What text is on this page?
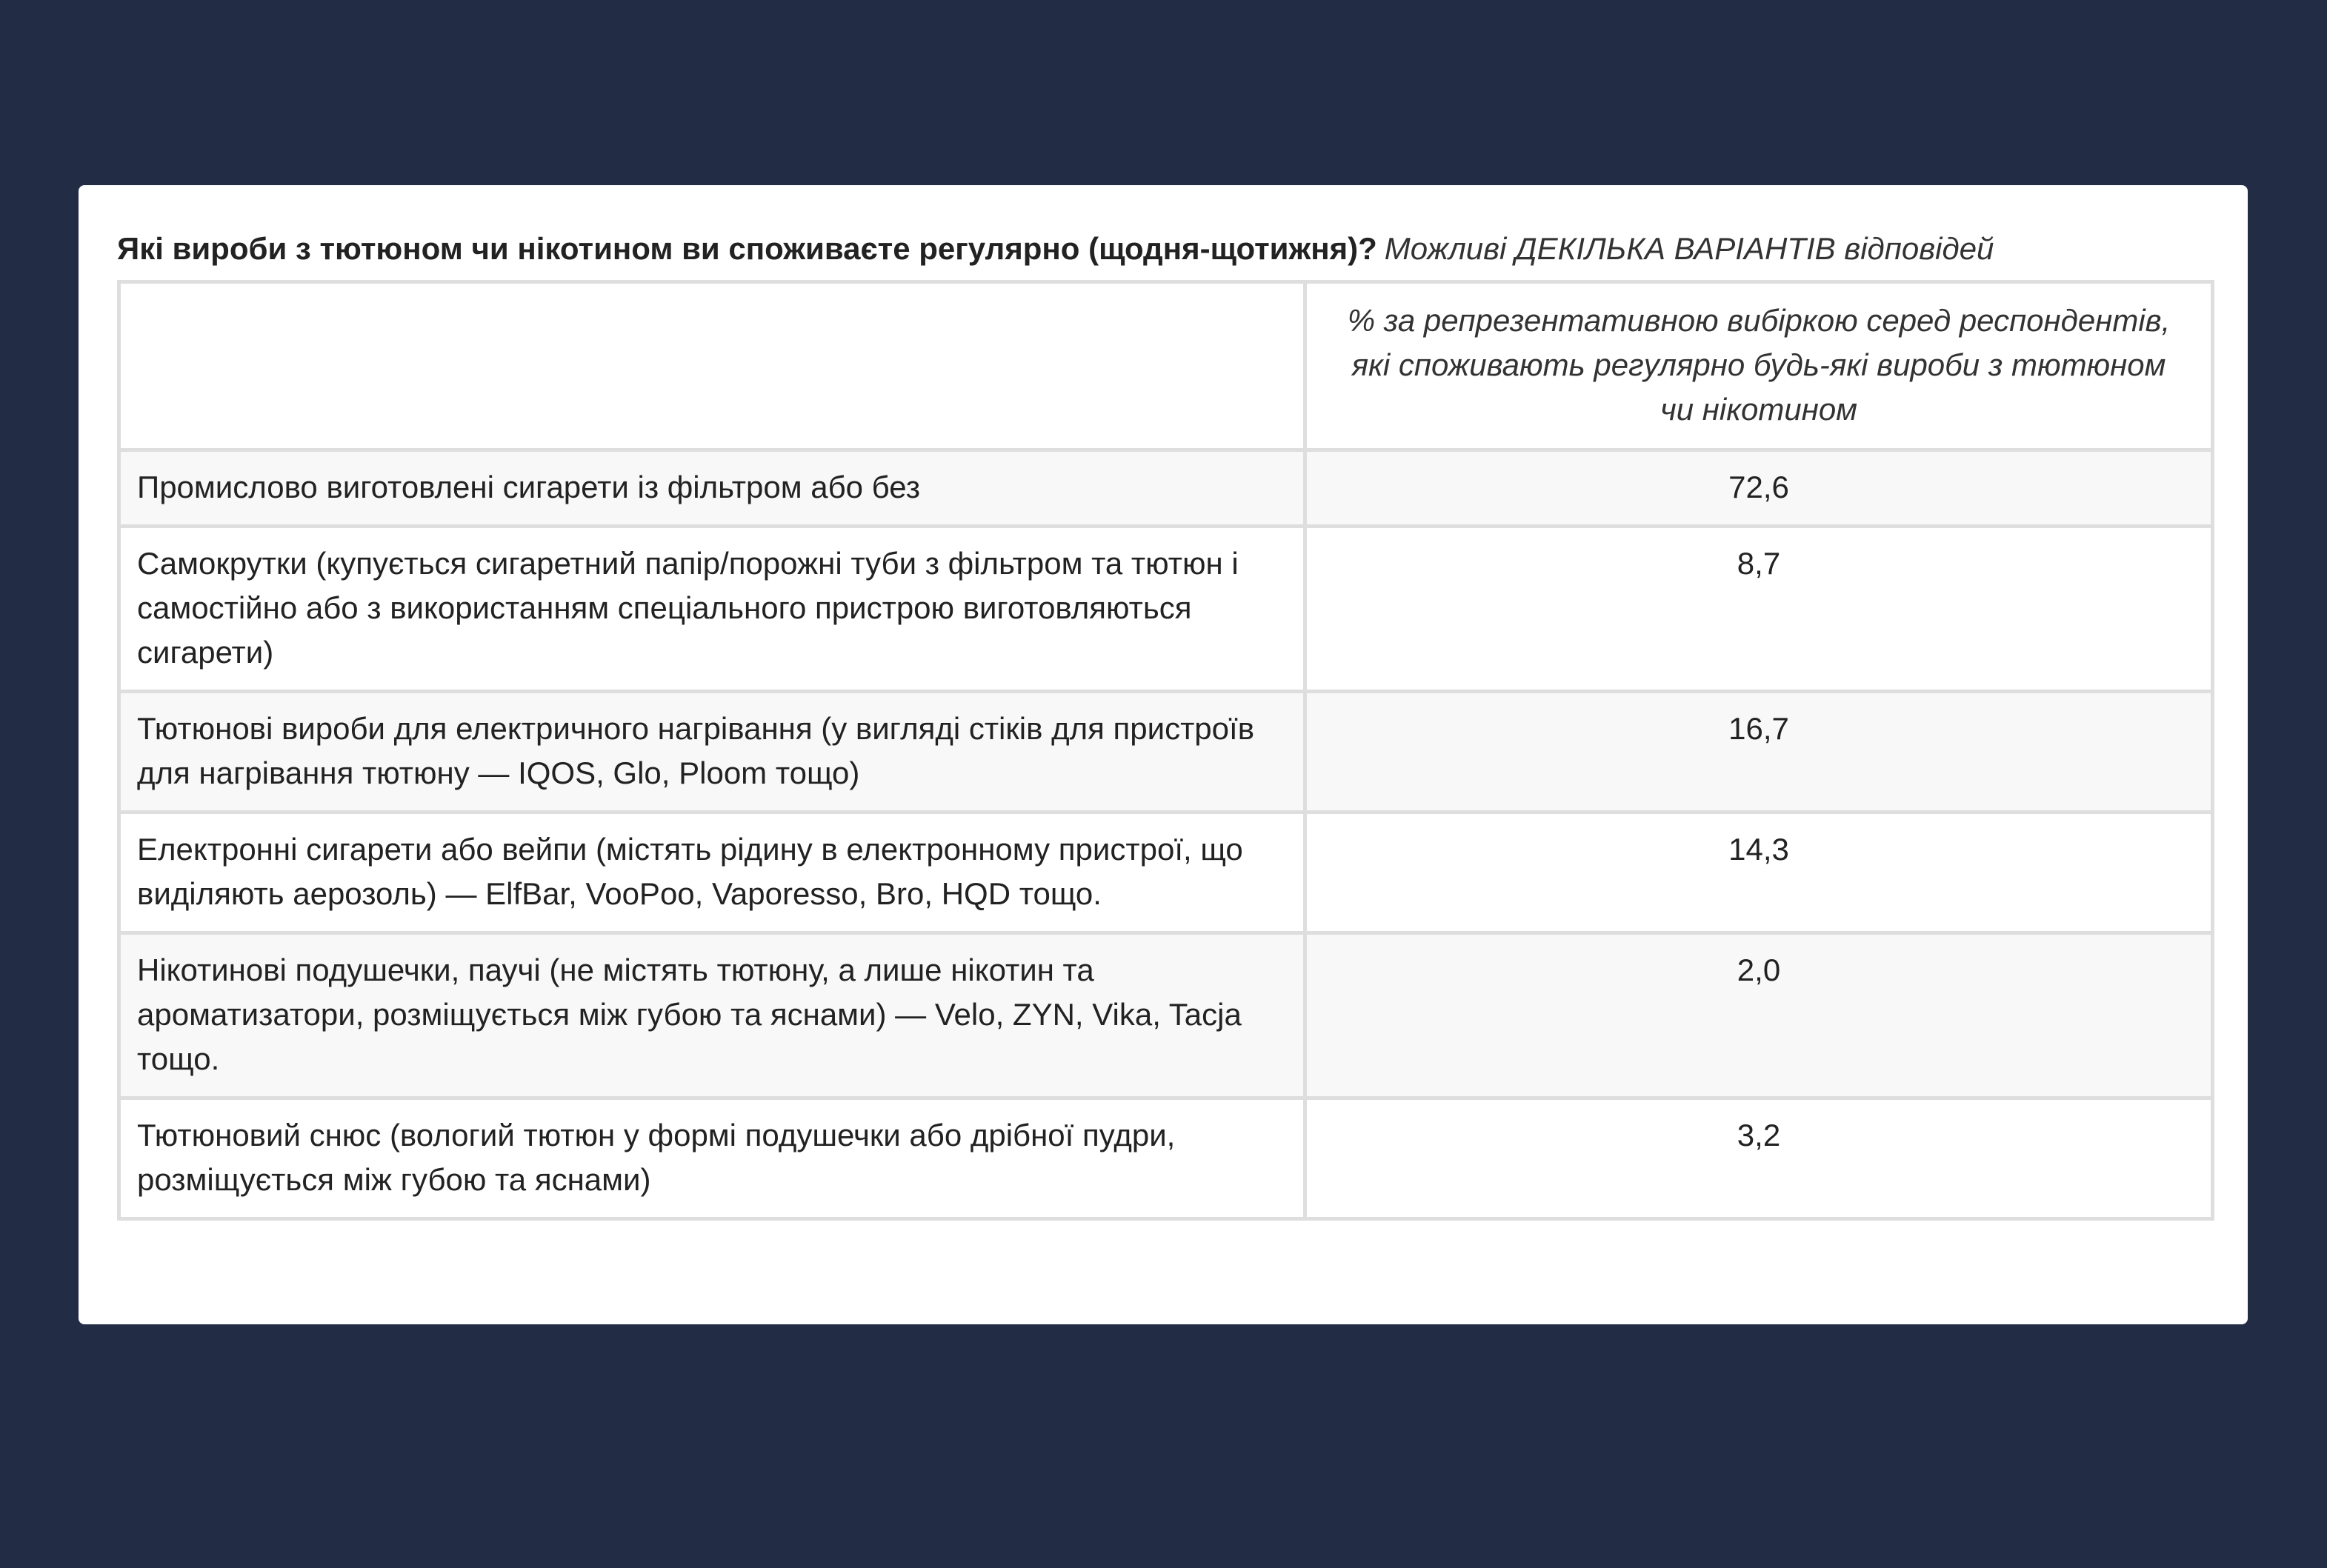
Які вироби з тютюном чи нікотином ви споживаєте регулярно (щодня-щотижня)? Можливі ДЕКІЛЬКА ВАРІАНТІВ відповідей
	% за репрезентативною вибіркою серед респондентів, які споживають регулярно будь-які вироби з тютюном чи нікотином
Промислово виготовлені сигарети із фільтром або без	72,6
Самокрутки (купується сигаретний папір/порожні туби з фільтром та тютюн і самостійно або з використанням спеціального пристрою виготовляються сигарети)	8,7
Тютюнові вироби для електричного нагрівання (у вигляді стіків для пристроїв для нагрівання тютюну — IQOS, Glo, Ploom тощо)	16,7
Електронні сигарети або вейпи (містять рідину в електронному пристрої, що виділяють аерозоль) — ElfBar, VooPoo, Vaporesso, Bro, HQD тощо.	14,3
Нікотинові подушечки, паучі (не містять тютюну, а лише нікотин та ароматизатори, розміщується між губою та яснами) — Velo, ZYN, Vika, Tacja тощо.	2,0
Тютюновий снюс (вологий тютюн у формі подушечки або дрібної пудри, розміщується між губою та яснами)	3,2
